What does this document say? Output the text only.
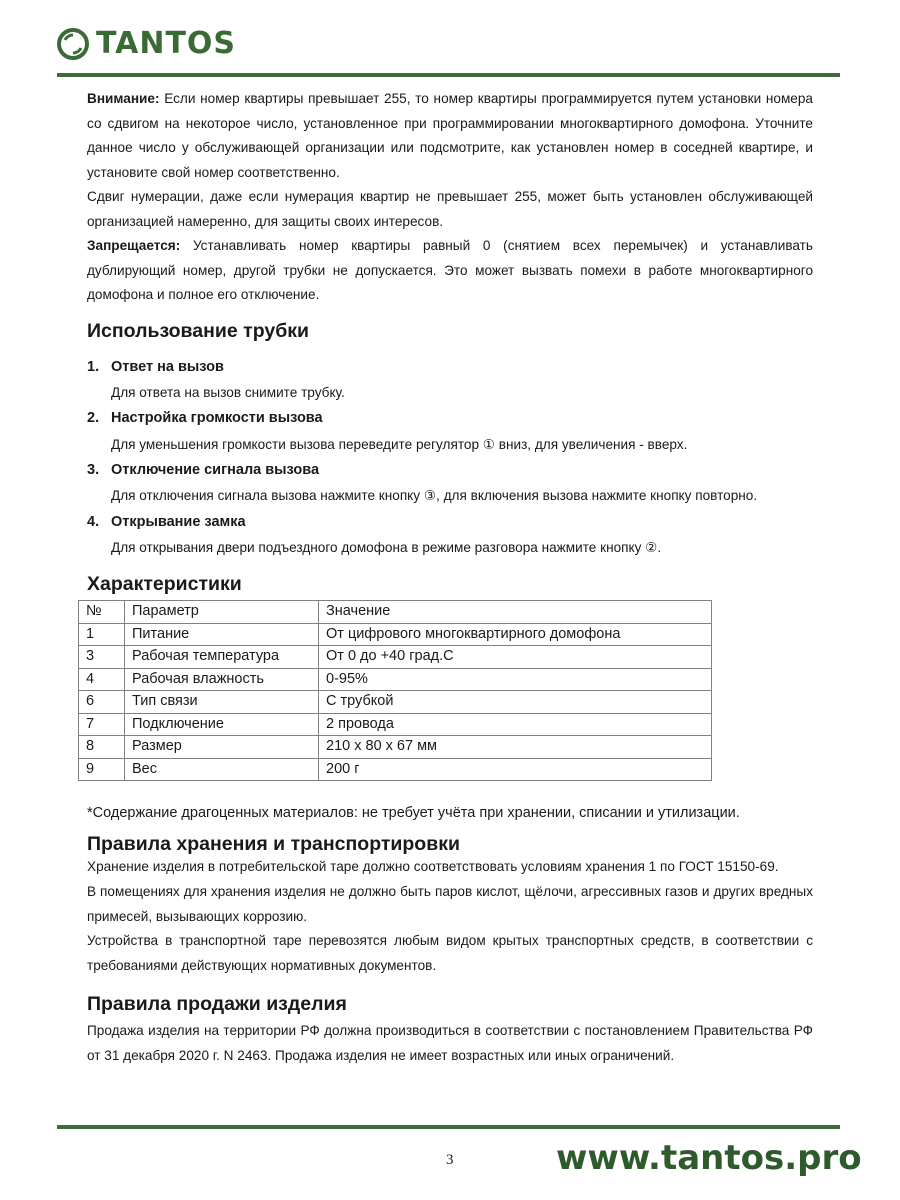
TANTOS

Внимание: Если номер квартиры превышает 255, то номер квартиры программируется путем установки номера со сдвигом на некоторое число, установленное при программировании многоквартирного домофона. Уточните данное число у обслуживающей организации или подсмотрите, как установлен номер в соседней квартире, и установите свой номер соответственно.

Сдвиг нумерации, даже если нумерация квартир не превышает 255, может быть установлен обслуживающей организацией намеренно, для защиты своих интересов.

Запрещается: Устанавливать номер квартиры равный 0 (снятием всех перемычек) и устанавливать дублирующий номер, другой трубки не допускается. Это может вызвать помехи в работе многоквартирного домофона и полное его отключение.

Использование трубки
1. Ответ на вызов
Для ответа на вызов снимите трубку.
2. Настройка громкости вызова
Для уменьшения громкости вызова переведите регулятор ① вниз, для увеличения - вверх.
3. Отключение сигнала вызова
Для отключения сигнала вызова нажмите кнопку ③, для включения вызова нажмите кнопку повторно.
4. Открывание замка
Для открывания двери подъездного домофона в режиме разговора нажмите кнопку ②.
Характеристики
№	Параметр	Значение
1	Питание	От цифрового многоквартирного домофона
3	Рабочая температура	От 0 до +40 град.С
4	Рабочая влажность	0-95%
6	Тип связи	С трубкой
7	Подключение	2 провода
8	Размер	210 х 80 х 67 мм
9	Вес	200 г
*Содержание драгоценных материалов: не требует учёта при хранении, списании и утилизации.
Правила хранения и транспортировки

Хранение изделия в потребительской таре должно соответствовать условиям хранения 1 по ГОСТ 15150-69.

В помещениях для хранения изделия не должно быть паров кислот, щёлочи, агрессивных газов и других вредных примесей, вызывающих коррозию.

Устройства в транспортной таре перевозятся любым видом крытых транспортных средств, в соответствии с требованиями действующих нормативных документов.

Правила продажи изделия

Продажа изделия на территории РФ должна производиться в соответствии с постановлением Правительства РФ от 31 декабря 2020 г. N 2463. Продажа изделия не имеет возрастных или иных ограничений.

3	www.tantos.pro
